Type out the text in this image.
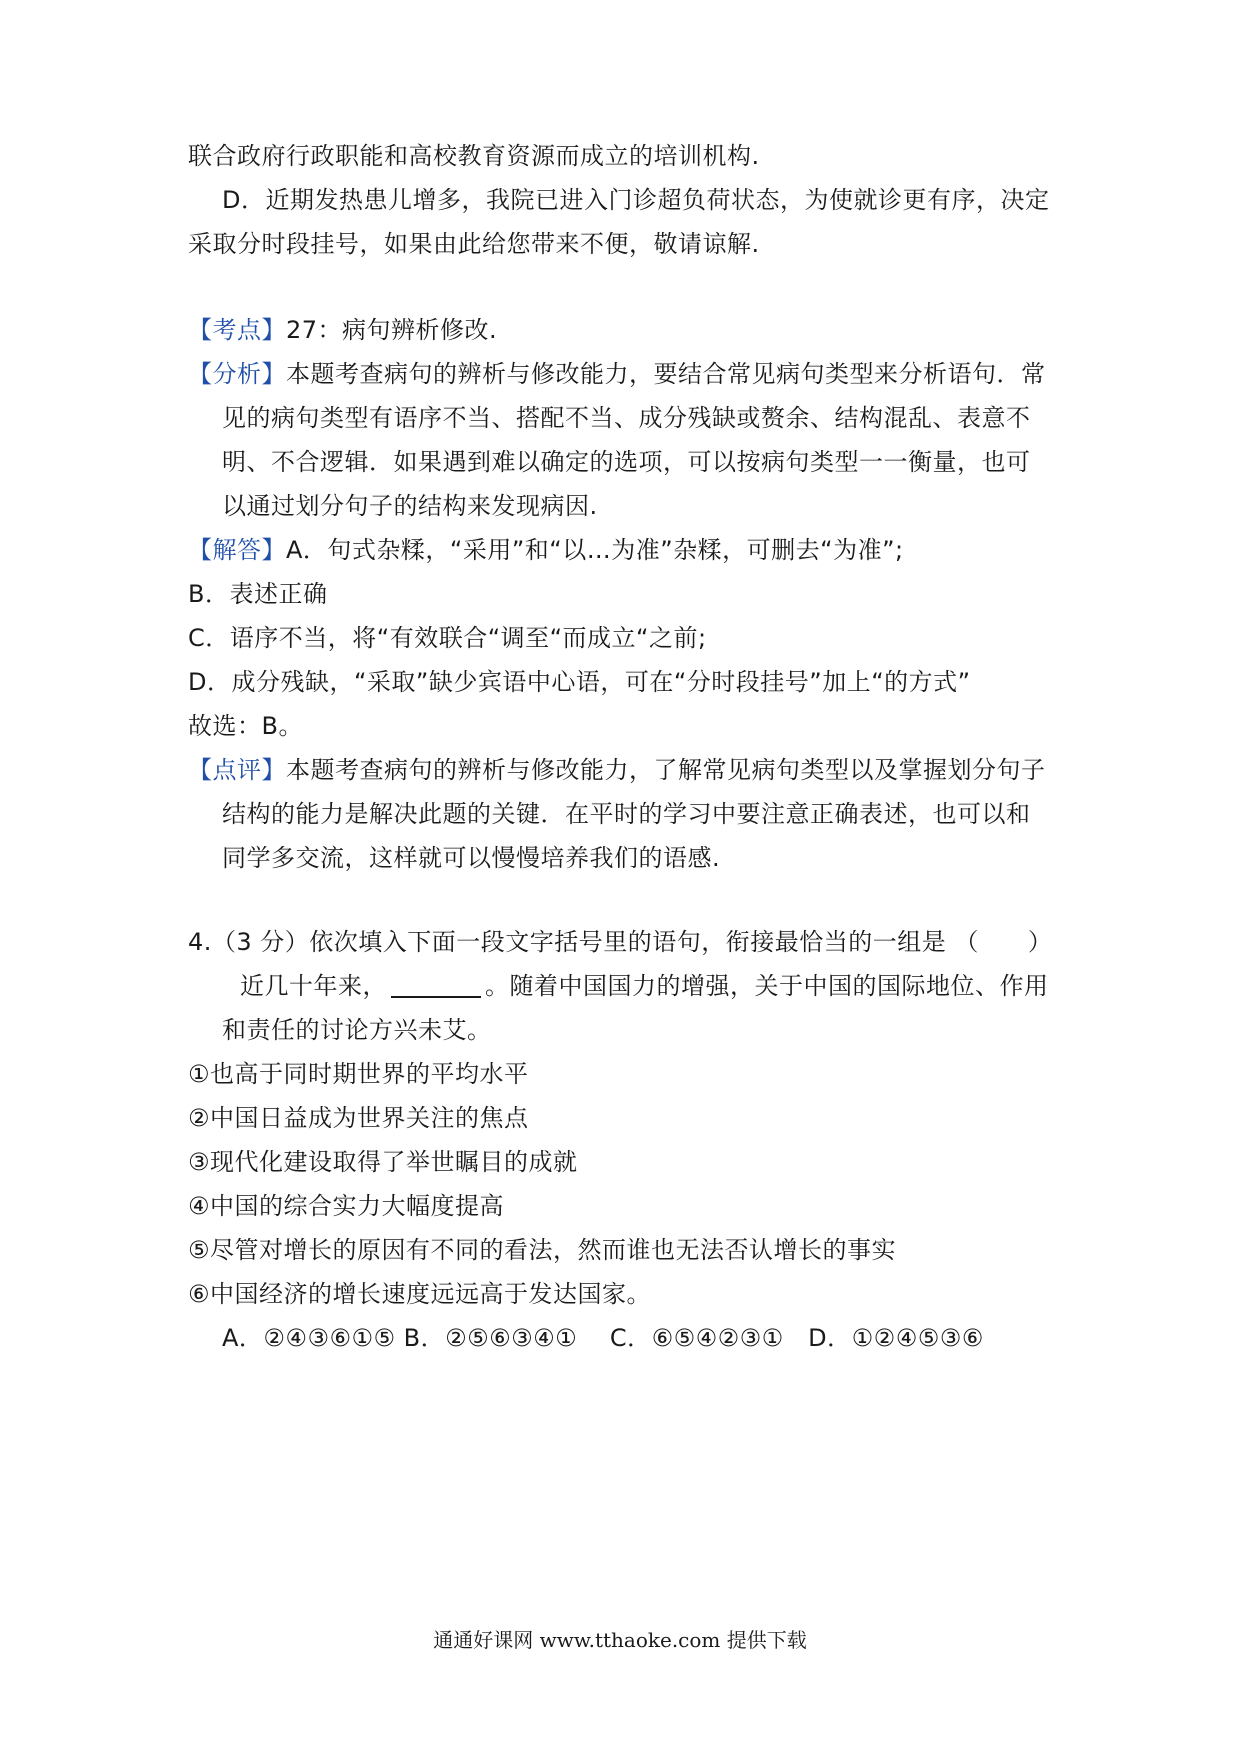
联合政府行政职能和高校教育资源而成立的培训机构.
D．近期发热患儿增多，我院已进入门诊超负荷状态，为使就诊更有序，决定
采取分时段挂号，如果由此给您带来不便，敬请谅解.
【考点】27：病句辨析修改.
【分析】本题考查病句的辨析与修改能力，要结合常见病句类型来分析语句．常
见的病句类型有语序不当、搭配不当、成分残缺或赘余、结构混乱、表意不
明、不合逻辑．如果遇到难以确定的选项，可以按病句类型一一衡量，也可
以通过划分句子的结构来发现病因.
【解答】A．句式杂糅，“采用”和“以…为准”杂糅，可删去“为准”;
B．表述正确
C．语序不当，将“有效联合“调至“而成立“之前;
D．成分残缺，“采取”缺少宾语中心语，可在“分时段挂号”加上“的方式”
故选：B。
【点评】本题考查病句的辨析与修改能力，了解常见病句类型以及掌握划分句子
结构的能力是解决此题的关键．在平时的学习中要注意正确表述，也可以和
同学多交流，这样就可以慢慢培养我们的语感.
4.（3 分）依次填入下面一段文字括号里的语句，衔接最恰当的一组是 （　　）
近几十年来，	。随着中国国力的增强，关于中国的国际地位、作用
和责任的讨论方兴未艾。
①也高于同时期世界的平均水平
②中国日益成为世界关注的焦点
③现代化建设取得了举世瞩目的成就
④中国的综合实力大幅度提高
⑤尽管对增长的原因有不同的看法，然而谁也无法否认增长的事实
⑥中国经济的增长速度远远高于发达国家。
A．②④③⑥①⑤ B．②⑤⑥③④①　 C．⑥⑤④②③①　D．①②④⑤③⑥
通通好课网 www.tthaoke.com 提供下载
